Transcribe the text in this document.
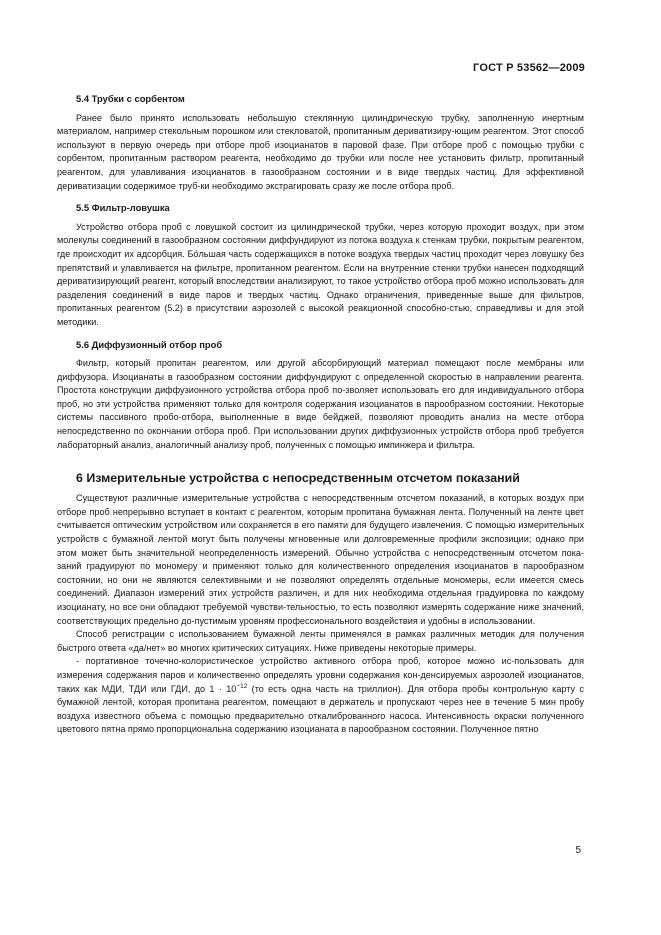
ГОСТ Р 53562—2009
5.4 Трубки с сорбентом

Ранее было принято использовать небольшую стеклянную цилиндрическую трубку, заполненную инертным материалом, например стекольным порошком или стекловатой, пропитанным дериватизиру-ющим реагентом. Этот способ используют в первую очередь при отборе проб изоцианатов в паровой фазе. При отборе проб с помощью трубки с сорбентом, пропитанным раствором реагента, необходимо до трубки или после нее установить фильтр, пропитанный реагентом, для улавливания изоцианатов в газообразном состоянии и в виде твердых частиц. Для эффективной дериватизации содержимое труб-ки необходимо экстрагировать сразу же после отбора проб.

5.5 Фильтр-ловушка

Устройство отбора проб с ловушкой состоит из цилиндрической трубки, через которую проходит воздух, при этом молекулы соединений в газообразном состоянии диффундируют из потока воздуха к стенкам трубки, покрытым реагентом, где происходит их адсорбция. Бо́льшая часть содержащихся в потоке воздуха твердых частиц проходит через ловушку без препятствий и улавливается на фильтре, пропитанном реагентом. Если на внутренние стенки трубки нанесен подходящий дериватизирующий реагент, который впоследствии анализируют, то такое устройство отбора проб можно использовать для разделения соединений в виде паров и твердых частиц. Однако ограничения, приведенные выше для фильтров, пропитанных реагентом (5.2) в присутствии аэрозолей с высокой реакционной способно-стью, справедливы и для этой методики.

5.6 Диффузионный отбор проб

Фильтр, который пропитан реагентом, или другой абсорбирующий материал помещают после мембраны или диффузора. Изоцианаты в газообразном состоянии диффундируют с определенной скоростью в направлении реагента. Простота конструкции диффузионного устройства отбора проб по-зволяет использовать его для индивидуального отбора проб, но эти устройства применяют только для контроля содержания изоцианатов в парообразном состоянии. Некоторые системы пассивного пробо-отбора, выполненные в виде бейджей, позволяют проводить анализ на месте отбора непосредственно по окончании отбора проб. При использовании других диффузионных устройств отбора проб требуется лабораторный анализ, аналогичный анализу проб, полученных с помощью импинжера и фильтра.

6 Измерительные устройства с непосредственным отсчетом показаний

Существуют различные измерительные устройства с непосредственным отсчетом показаний, в которых воздух при отборе проб непрерывно вступает в контакт с реагентом, которым пропитана бумажная лента. Полученный на ленте цвет считывается оптическим устройством или сохраняется в его памяти для будущего извлечения. С помощью измерительных устройств с бумажной лентой могут быть получены мгновенные или долговременные профили экспозиции; однако при этом может быть значительной неопределенность измерений. Обычно устройства с непосредственным отсчетом пока-заний градуируют по мономеру и применяют только для количественного определения изоцианатов в парообразном состоянии, но они не являются селективными и не позволяют определять отдельные мономеры, если имеется смесь соединений. Диапазон измерений этих устройств различен, и для них необходима отдельная градуировка по каждому изоцианату, но все они обладают требуемой чувстви-тельностью, то есть позволяют измерять содержание ниже значений, соответствующих предельно до-пустимым уровням профессионального воздействия и удобны в использовании.

Способ регистрации с использованием бумажной ленты применялся в рамках различных методик для получения быстрого ответа «да/нет» во многих критических ситуациях. Ниже приведены некоторые примеры.

- портативное точечно-колористическое устройство активного отбора проб, которое можно ис-пользовать для измерения содержания паров и количественно определять уровни содержания кон-денсируемых аэрозолей изоцианатов, таких как МДИ, ТДИ или ГДИ, до $1 \cdot 10^{-12}$ (то есть одна часть на триллион). Для отбора пробы контрольную карту с бумажной лентой, которая пропитана реагентом, помещают в держатель и пропускают через нее в течение 5 мин пробу воздуха известного объема с помощью предварительно откалиброванного насоса. Интенсивность окраски полученного цветового пятна прямо пропорциональна содержанию изоцианата в парообразном состоянии. Полученное пятно

5
